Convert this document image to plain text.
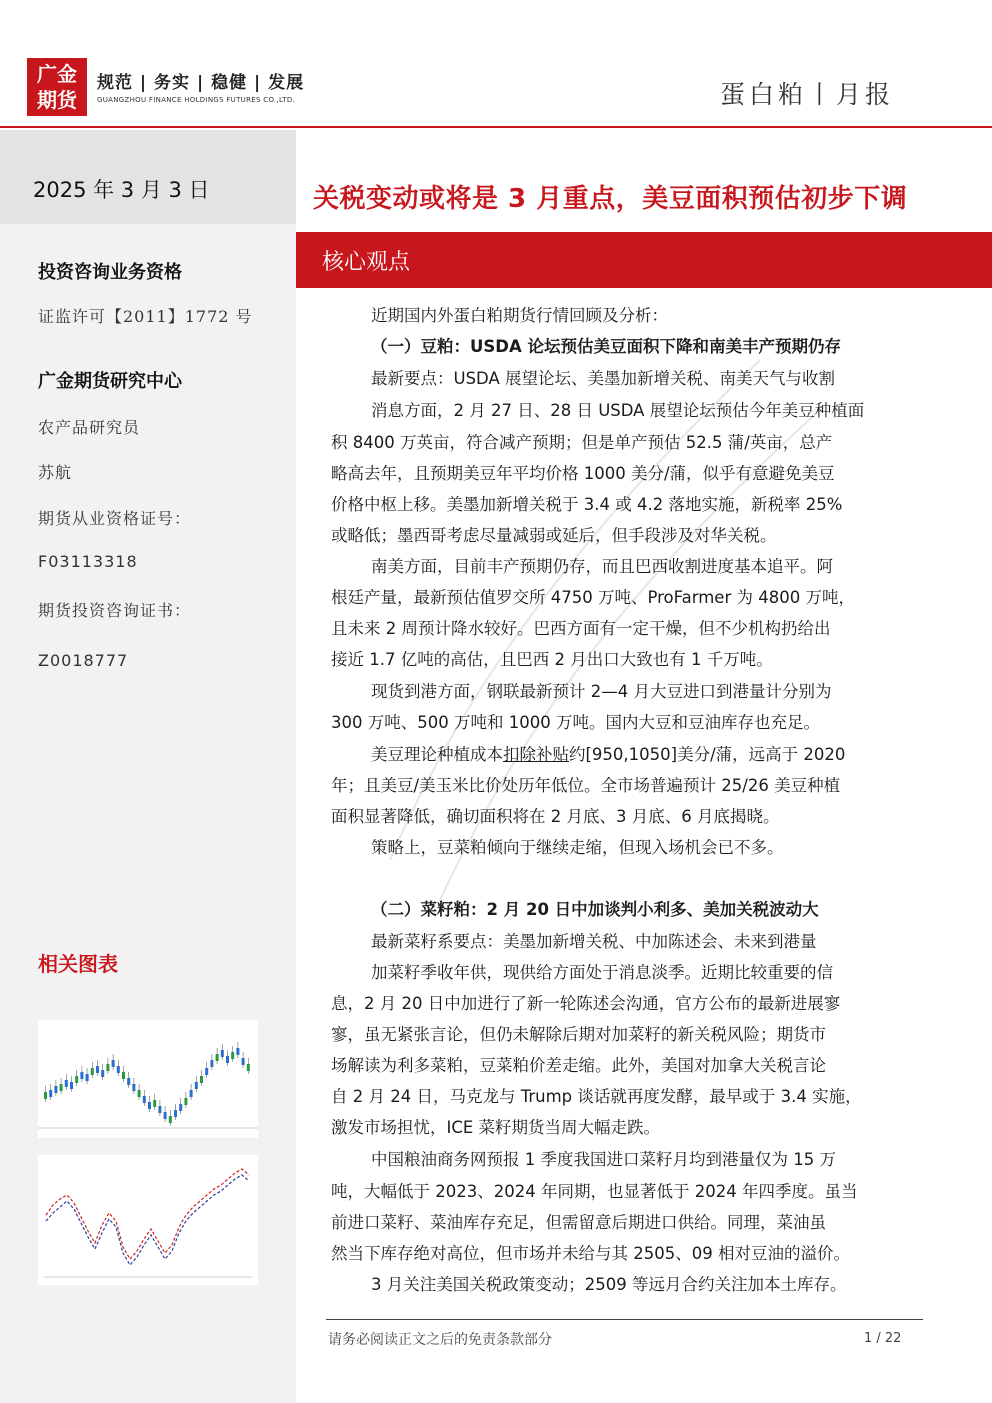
广金
期货
规范 | 务实 | 稳健 | 发展
GUANGZHOU FINANCE HOLDINGS FUTURES CO.,LTD.	蛋白粕丨月报
2025 年 3 月 3 日
投资咨询业务资格
证监许可【2011】1772 号
广金期货研究中心
农产品研究员
苏航
期货从业资格证号：
F03113318
期货投资咨询证书：
Z0018777
相关图表
关税变动或将是 3 月重点，美豆面积预估初步下调
核心观点
近期国内外蛋白粕期货行情回顾及分析：
（一）豆粕：USDA 论坛预估美豆面积下降和南美丰产预期仍存
最新要点：USDA 展望论坛、美墨加新增关税、南美天气与收割
消息方面，2 月 27 日、28 日 USDA 展望论坛预估今年美豆种植面
积 8400 万英亩，符合减产预期；但是单产预估 52.5 蒲/英亩，总产
略高去年，且预期美豆年平均价格 1000 美分/蒲，似乎有意避免美豆
价格中枢上移。美墨加新增关税于 3.4 或 4.2 落地实施，新税率 25%
或略低；墨西哥考虑尽量减弱或延后，但手段涉及对华关税。
南美方面，目前丰产预期仍存，而且巴西收割进度基本追平。阿
根廷产量，最新预估值罗交所 4750 万吨、ProFarmer 为 4800 万吨，
且未来 2 周预计降水较好。巴西方面有一定干燥，但不少机构扔给出
接近 1.7 亿吨的高估，且巴西 2 月出口大致也有 1 千万吨。
现货到港方面，钢联最新预计 2—4 月大豆进口到港量计分别为
300 万吨、500 万吨和 1000 万吨。国内大豆和豆油库存也充足。
美豆理论种植成本扣除补贴约[950,1050]美分/蒲，远高于 2020
年；且美豆/美玉米比价处历年低位。全市场普遍预计 25/26 美豆种植
面积显著降低，确切面积将在 2 月底、3 月底、6 月底揭晓。
策略上，豆菜粕倾向于继续走缩，但现入场机会已不多。
（二）菜籽粕：2 月 20 日中加谈判小利多、美加关税波动大
最新菜籽系要点：美墨加新增关税、中加陈述会、未来到港量
加菜籽季收年供，现供给方面处于消息淡季。近期比较重要的信
息，2 月 20 日中加进行了新一轮陈述会沟通，官方公布的最新进展寥
寥，虽无紧张言论，但仍未解除后期对加菜籽的新关税风险；期货市
场解读为利多菜粕，豆菜粕价差走缩。此外，美国对加拿大关税言论
自 2 月 24 日，马克龙与 Trump 谈话就再度发酵，最早或于 3.4 实施，
激发市场担忧，ICE 菜籽期货当周大幅走跌。
中国粮油商务网预报 1 季度我国进口菜籽月均到港量仅为 15 万
吨，大幅低于 2023、2024 年同期，也显著低于 2024 年四季度。虽当
前进口菜籽、菜油库存充足，但需留意后期进口供给。同理，菜油虽
然当下库存绝对高位，但市场并未给与其 2505、09 相对豆油的溢价。
3 月关注美国关税政策变动；2509 等远月合约关注加本土库存。
请务必阅读正文之后的免责条款部分	1 / 22
